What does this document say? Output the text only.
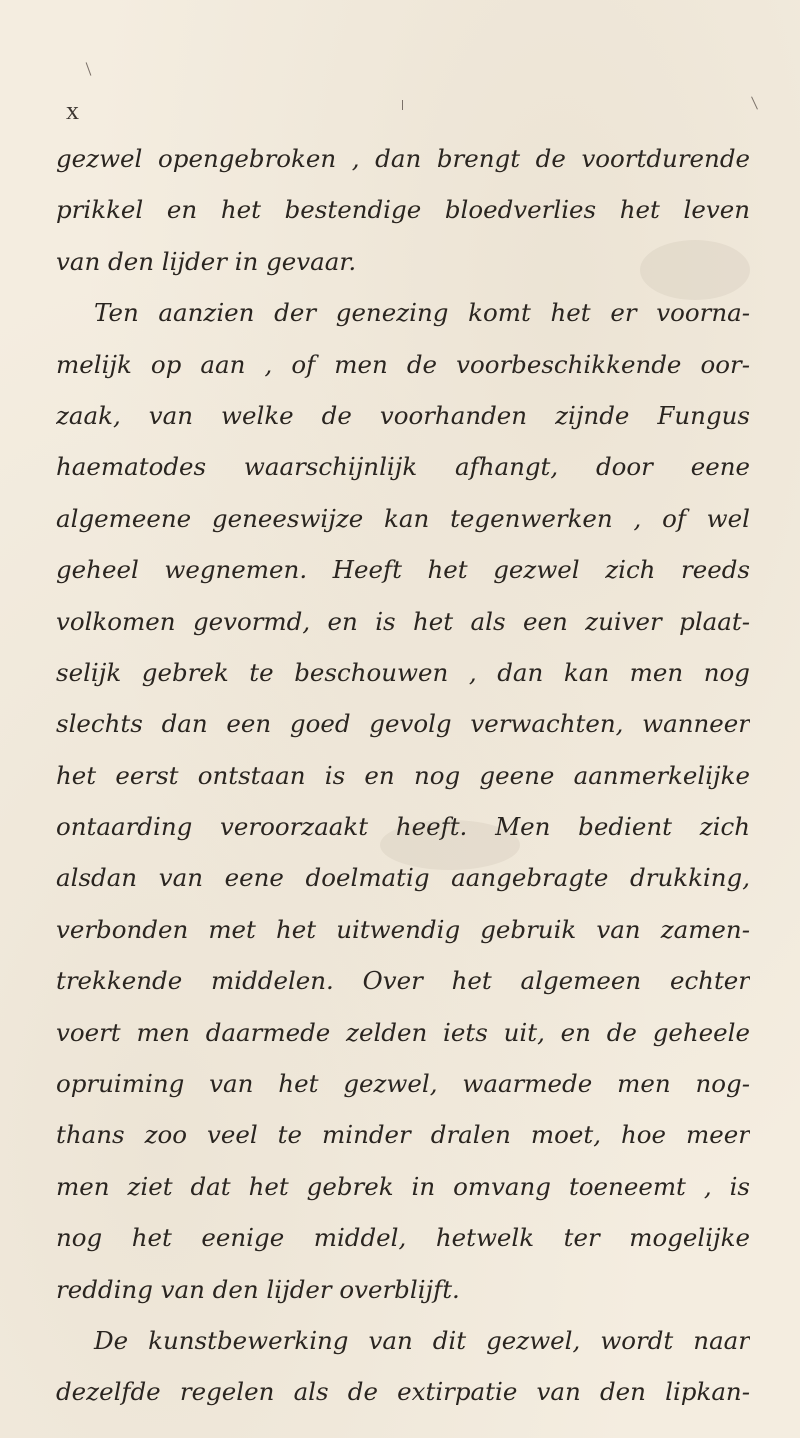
x
gezwel opengebroken , dan brengt de voortdurende
prikkel en het bestendige bloedverlies het leven
van den lijder in gevaar.
Ten aanzien der genezing komt het er voorna-
melijk op aan , of men de voorbeschikkende oor-
zaak, van welke de voorhanden zijnde Fungus
haematodes waarschijnlijk afhangt, door eene
algemeene geneeswijze kan tegenwerken , of wel
geheel wegnemen. Heeft het gezwel zich reeds
volkomen gevormd, en is het als een zuiver plaat-
selijk gebrek te beschouwen , dan kan men nog
slechts dan een goed gevolg verwachten, wanneer
het eerst ontstaan is en nog geene aanmerkelijke
ontaarding veroorzaakt heeft. Men bedient zich
alsdan van eene doelmatig aangebragte drukking,
verbonden met het uitwendig gebruik van zamen-
trekkende middelen. Over het algemeen echter
voert men daarmede zelden iets uit, en de geheele
opruiming van het gezwel, waarmede men nog-
thans zoo veel te minder dralen moet, hoe meer
men ziet dat het gebrek in omvang toeneemt , is
nog het eenige middel, hetwelk ter mogelijke
redding van den lijder overblijft.
De kunstbewerking van dit gezwel, wordt naar
dezelfde regelen als de extirpatie van den lipkan-
